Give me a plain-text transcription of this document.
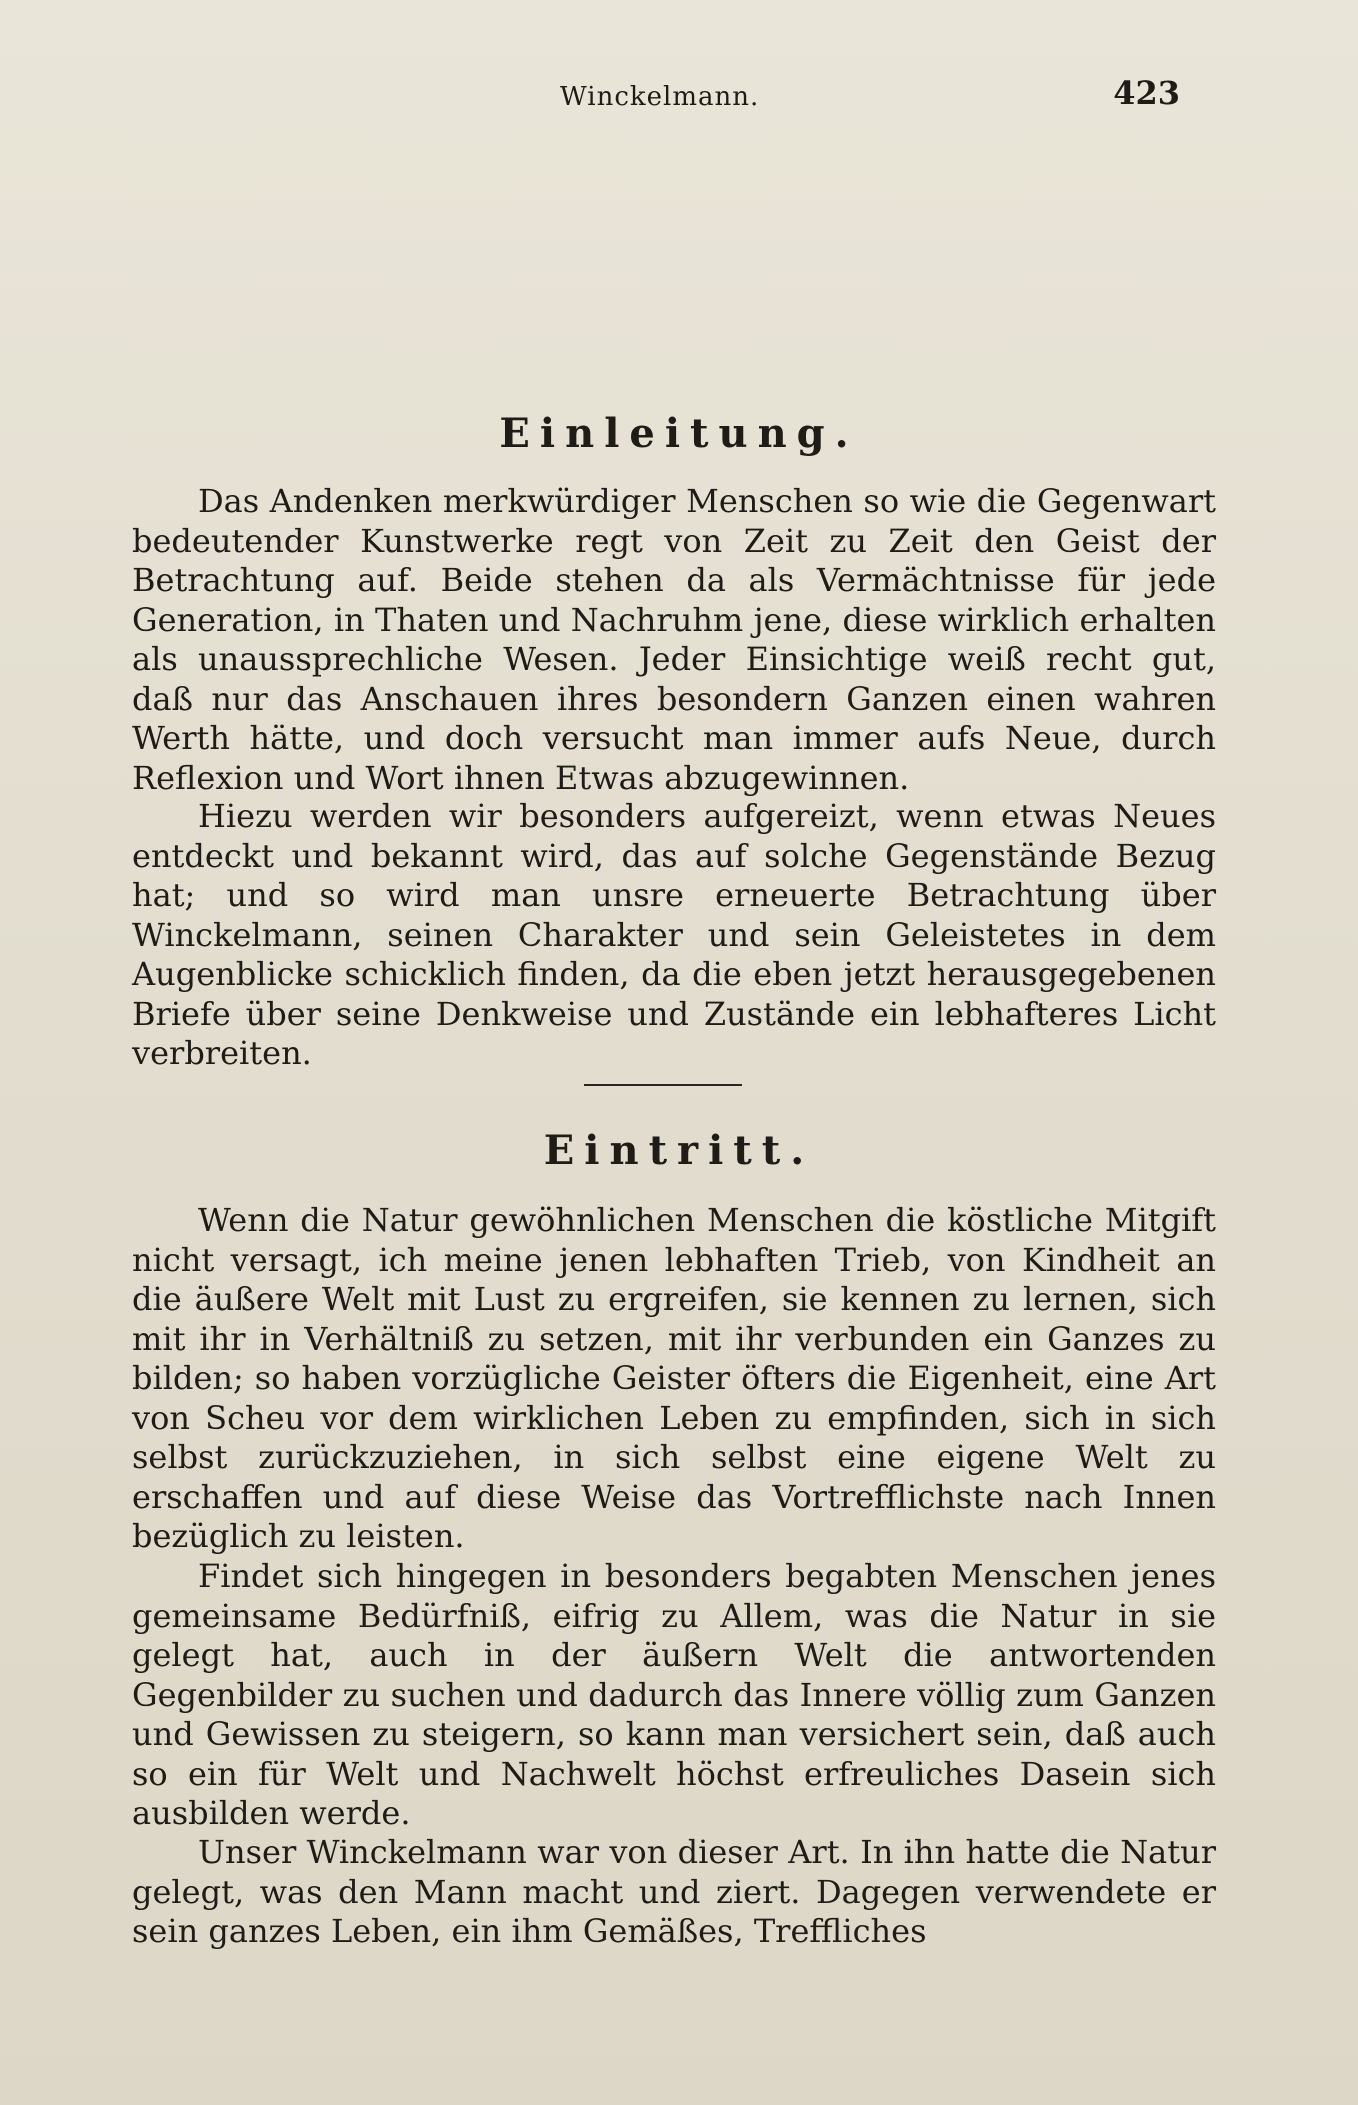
Winckelmann.	423
Einleitung.

Das Andenken merkwürdiger Menschen so wie die Gegenwart bedeutender Kunstwerke regt von Zeit zu Zeit den Geist der Betrachtung auf. Beide stehen da als Vermächtnisse für jede Generation, in Thaten und Nachruhm jene, diese wirklich erhalten als unaussprechliche Wesen. Jeder Einsichtige weiß recht gut, daß nur das Anschauen ihres besondern Ganzen einen wahren Werth hätte, und doch versucht man immer aufs Neue, durch Reflexion und Wort ihnen Etwas abzugewinnen.

Hiezu werden wir besonders aufgereizt, wenn etwas Neues entdeckt und bekannt wird, das auf solche Gegenstände Bezug hat; und so wird man unsre erneuerte Betrachtung über Winckelmann, seinen Charakter und sein Geleistetes in dem Augenblicke schicklich finden, da die eben jetzt herausgegebenen Briefe über seine Denkweise und Zustände ein lebhafteres Licht verbreiten.

Eintritt.

Wenn die Natur gewöhnlichen Menschen die köstliche Mitgift nicht versagt, ich meine jenen lebhaften Trieb, von Kindheit an die äußere Welt mit Lust zu ergreifen, sie kennen zu lernen, sich mit ihr in Verhältniß zu setzen, mit ihr verbunden ein Ganzes zu bilden; so haben vorzügliche Geister öfters die Eigenheit, eine Art von Scheu vor dem wirklichen Leben zu empfinden, sich in sich selbst zurückzuziehen, in sich selbst eine eigene Welt zu erschaffen und auf diese Weise das Vortrefflichste nach Innen bezüglich zu leisten.

Findet sich hingegen in besonders begabten Menschen jenes gemeinsame Bedürfniß, eifrig zu Allem, was die Natur in sie gelegt hat, auch in der äußern Welt die antwortenden Gegenbilder zu suchen und dadurch das Innere völlig zum Ganzen und Gewissen zu steigern, so kann man versichert sein, daß auch so ein für Welt und Nachwelt höchst erfreuliches Dasein sich ausbilden werde.

Unser Winckelmann war von dieser Art. In ihn hatte die Natur gelegt, was den Mann macht und ziert. Dagegen verwendete er sein ganzes Leben, ein ihm Gemäßes, Treffliches
